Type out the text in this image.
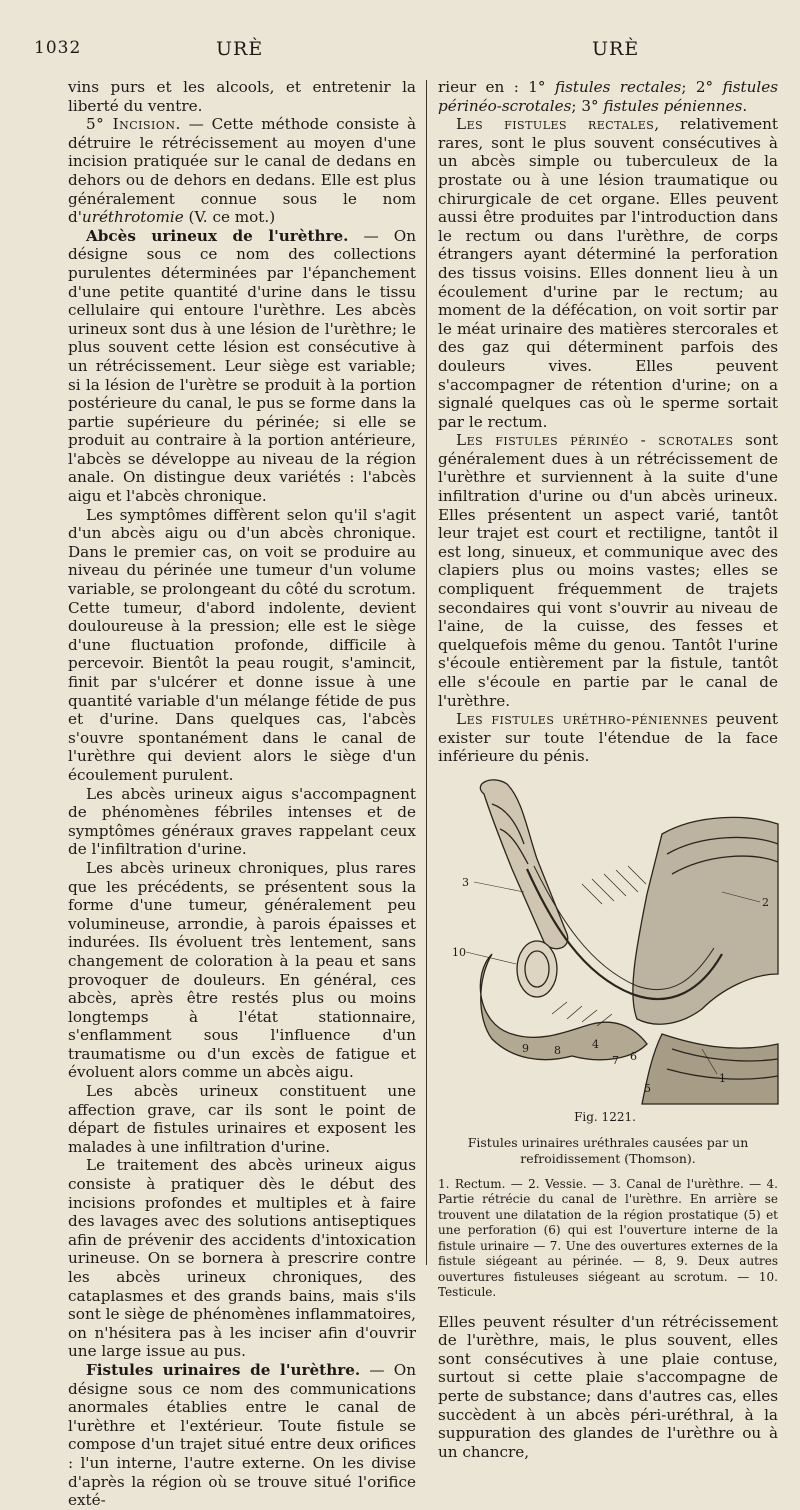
1032	URÈ	URÈ

vins purs et les alcools, et entretenir la liberté du ventre.

5° Incision. — Cette méthode consiste à détruire le rétrécissement au moyen d'une incision pratiquée sur le canal de dedans en dehors ou de dehors en dedans. Elle est plus généralement connue sous le nom d'uréthrotomie (V. ce mot.)

Abcès urineux de l'urèthre. — On désigne sous ce nom des collections purulentes déterminées par l'épanchement d'une petite quantité d'urine dans le tissu cellulaire qui entoure l'urèthre. Les abcès urineux sont dus à une lésion de l'urèthre; le plus souvent cette lésion est consécutive à un rétrécissement. Leur siège est variable; si la lésion de l'urètre se produit à la portion postérieure du canal, le pus se forme dans la partie supérieure du périnée; si elle se produit au contraire à la portion antérieure, l'abcès se développe au niveau de la région anale. On distingue deux variétés : l'abcès aigu et l'abcès chronique.

Les symptômes diffèrent selon qu'il s'agit d'un abcès aigu ou d'un abcès chronique. Dans le premier cas, on voit se produire au niveau du périnée une tumeur d'un volume variable, se prolongeant du côté du scrotum. Cette tumeur, d'abord indolente, devient douloureuse à la pression; elle est le siège d'une fluctuation profonde, difficile à percevoir. Bientôt la peau rougit, s'amincit, finit par s'ulcérer et donne issue à une quantité variable d'un mélange fétide de pus et d'urine. Dans quelques cas, l'abcès s'ouvre spontanément dans le canal de l'urèthre qui devient alors le siège d'un écoulement purulent.

Les abcès urineux aigus s'accompagnent de phénomènes fébriles intenses et de symptômes généraux graves rappelant ceux de l'infiltration d'urine.

Les abcès urineux chroniques, plus rares que les précédents, se présentent sous la forme d'une tumeur, généralement peu volumineuse, arrondie, à parois épaisses et indurées. Ils évoluent très lentement, sans changement de coloration à la peau et sans provoquer de douleurs. En général, ces abcès, après être restés plus ou moins longtemps à l'état stationnaire, s'enflamment sous l'influence d'un traumatisme ou d'un excès de fatigue et évoluent alors comme un abcès aigu.

Les abcès urineux constituent une affection grave, car ils sont le point de départ de fistules urinaires et exposent les malades à une infiltration d'urine.

Le traitement des abcès urineux aigus consiste à pratiquer dès le début des incisions profondes et multiples et à faire des lavages avec des solutions antiseptiques afin de prévenir des accidents d'intoxication urineuse. On se bornera à prescrire contre les abcès urineux chroniques, des cataplasmes et des grands bains, mais s'ils sont le siège de phénomènes inflammatoires, on n'hésitera pas à les inciser afin d'ouvrir une large issue au pus.

Fistules urinaires de l'urèthre. — On désigne sous ce nom des communications anormales établies entre le canal de l'urèthre et l'extérieur. Toute fistule se compose d'un trajet situé entre deux orifices : l'un interne, l'autre externe. On les divise d'après la région où se trouve situé l'orifice exté-

rieur en : 1° fistules rectales; 2° fistules périnéo-scrotales; 3° fistules péniennes.

Les fistules rectales, relativement rares, sont le plus souvent consécutives à un abcès simple ou tuberculeux de la prostate ou à une lésion traumatique ou chirurgicale de cet organe. Elles peuvent aussi être produites par l'introduction dans le rectum ou dans l'urèthre, de corps étrangers ayant déterminé la perforation des tissus voisins. Elles donnent lieu à un écoulement d'urine par le rectum; au moment de la défécation, on voit sortir par le méat urinaire des matières stercorales et des gaz qui déterminent parfois des douleurs vives. Elles peuvent s'accompagner de rétention d'urine; on a signalé quelques cas où le sperme sortait par le rectum.

Les fistules périnéo - scrotales sont généralement dues à un rétrécissement de l'urèthre et surviennent à la suite d'une infiltration d'urine ou d'un abcès urineux. Elles présentent un aspect varié, tantôt leur trajet est court et rectiligne, tantôt il est long, sinueux, et communique avec des clapiers plus ou moins vastes; elles se compliquent fréquemment de trajets secondaires qui vont s'ouvrir au niveau de l'aine, de la cuisse, des fesses et quelquefois même du genou. Tantôt l'urine s'écoule entièrement par la fistule, tantôt elle s'écoule en partie par le canal de l'urèthre.

Les fistules uréthro-péniennes peuvent exister sur toute l'étendue de la face inférieure du pénis.

3
2
10
9 8	4
7 6
5
1

Fig. 1221.

Fistules urinaires uréthrales causées par un refroidissement (Thomson).

1. Rectum. — 2. Vessie. — 3. Canal de l'urèthre. — 4. Partie rétrécie du canal de l'urèthre. En arrière se trouvent une dilatation de la région prostatique (5) et une perforation (6) qui est l'ouverture interne de la fistule urinaire — 7. Une des ouvertures externes de la fistule siégeant au périnée. — 8, 9. Deux autres ouvertures fistuleuses siégeant au scrotum. — 10. Testicule.

Elles peuvent résulter d'un rétrécissement de l'urèthre, mais, le plus souvent, elles sont consécutives à une plaie contuse, surtout si cette plaie s'accompagne de perte de substance; dans d'autres cas, elles succèdent à un abcès péri-uréthral, à la suppuration des glandes de l'urèthre ou à un chancre,
